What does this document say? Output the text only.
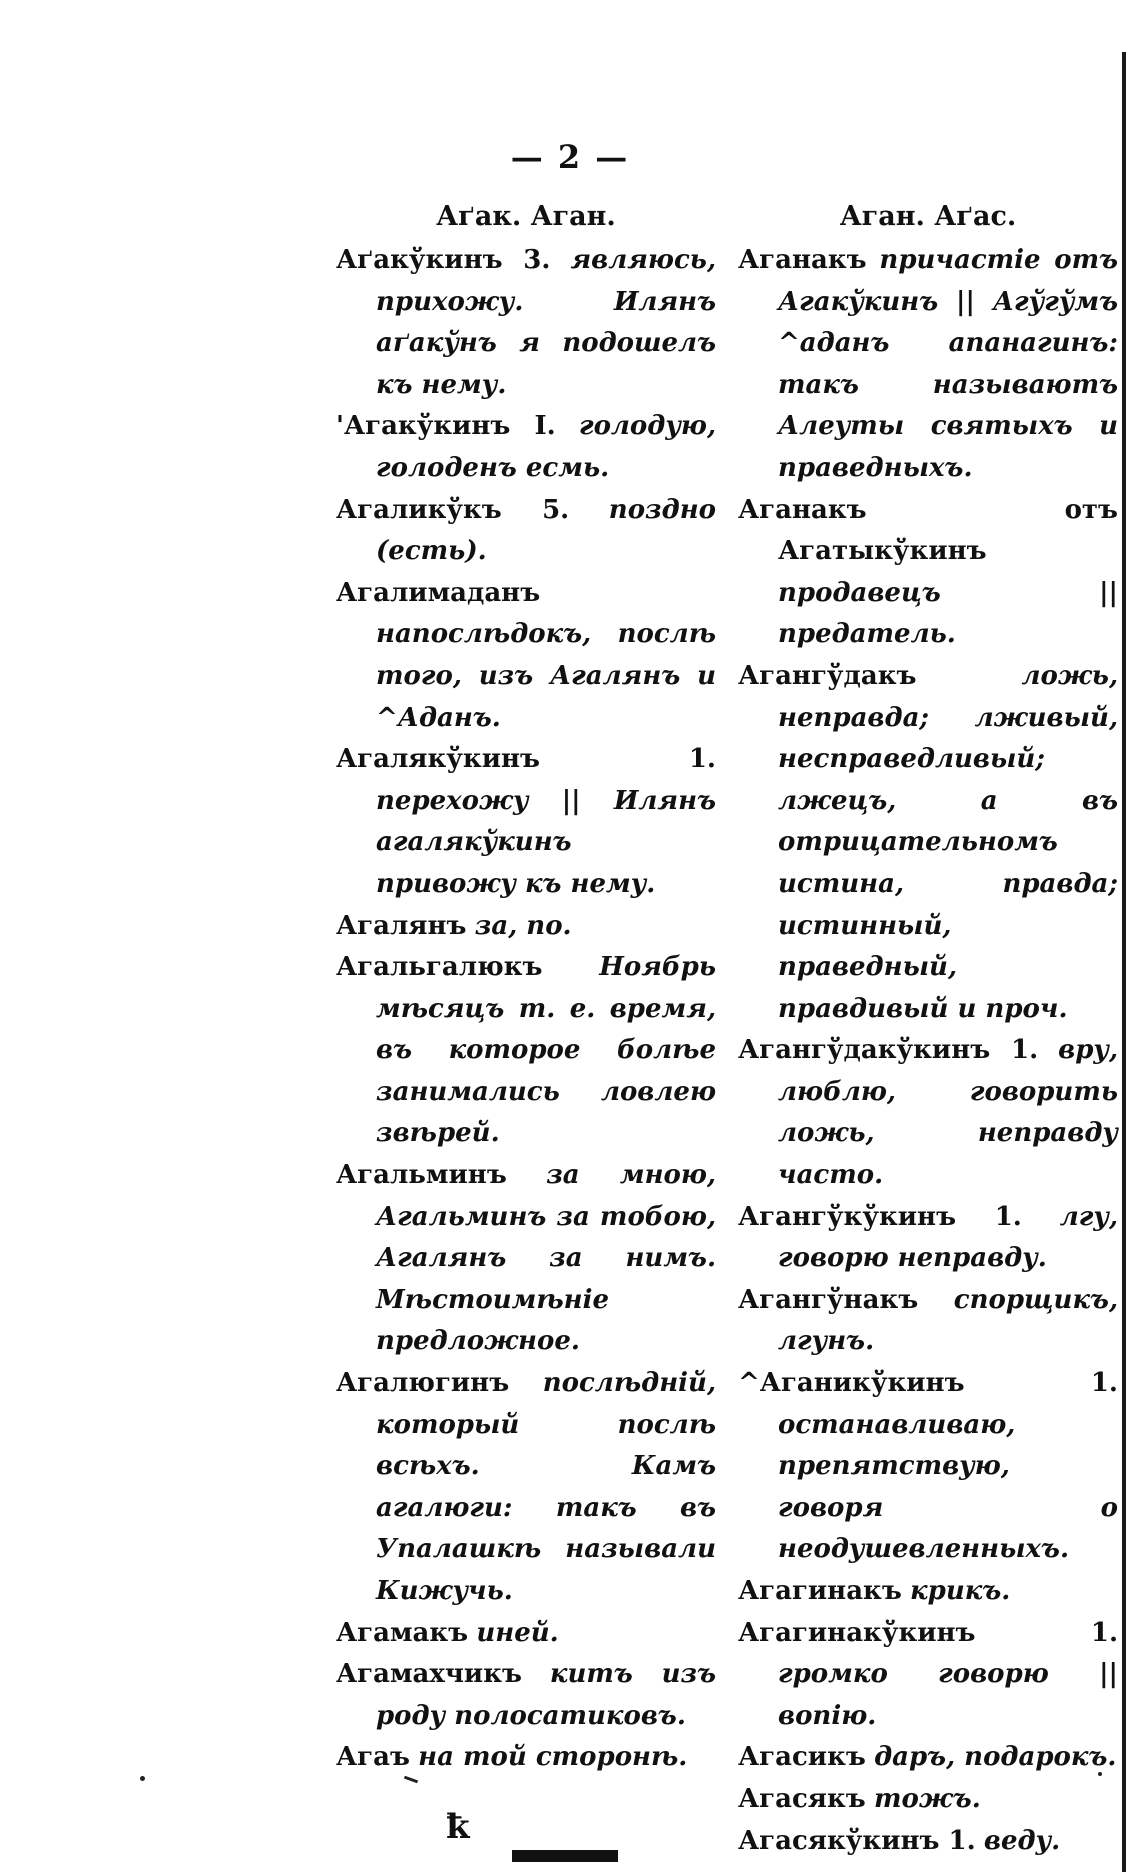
— 2 —
Аґак. Аган.
Аґакўкинъ 3. являюсь, прихожу. Илянъ аґакўнъ я подошелъ къ нему.
'Агакўкинъ I. голодую, голоденъ есмь.
Агаликўкъ 5. поздно (есть).
Агалимаданъ напослѣдокъ, послѣ того, изъ Агалянъ и ^Аданъ.
Агалякўкинъ 1. перехожу || Илянъ агалякўкинъ привожу къ нему.
Агалянъ за, по.
Агальгалюкъ Ноябрь мѣсяцъ т. е. время, въ которое болѣе занимались ловлею звѣрей.
Агальминъ за мною, Агальминъ за тобою, Агалянъ за нимъ. Мѣстоимѣніе предложное.
Агалюгинъ послѣдній, который послѣ всѣхъ. Камъ агалюги: такъ въ Упалашкѣ называли Кижучь.
Агамакъ иней.
Агамахчикъ китъ изъ роду полосатиковъ.
Агаъ на той сторонѣ.
Аган. Аґас.
Аганакъ причастіе отъ Агакўкинъ || Агўгўмъ ^аданъ апанагинъ: такъ называютъ Алеуты святыхъ и праведныхъ.
Аганакъ отъ Агатыкўкинъ продавецъ || предатель.
Агангўдакъ	ложь, неправда; лживый, несправедливый; лжецъ, а въ отрицательномъ истина, правда; истинный, праведный, правдивый и проч.
Агангўдакўкинъ 1. вру, люблю, говорить ложь, неправду часто.
Агангўкўкинъ 1. лгу, говорю неправду.
Агангўнакъ спорщикъ, лгунъ.
^Аганикўкинъ 1. останавливаю, препятствую, говоря о неодушевленныхъ.
Агагинакъ крикъ.
Агагинакўкинъ 1. громко говорю || вопію.
Агасикъ даръ, подарокъ.
Агасякъ тожъ.
Агасякўкинъ 1. веду.
ꝁ
